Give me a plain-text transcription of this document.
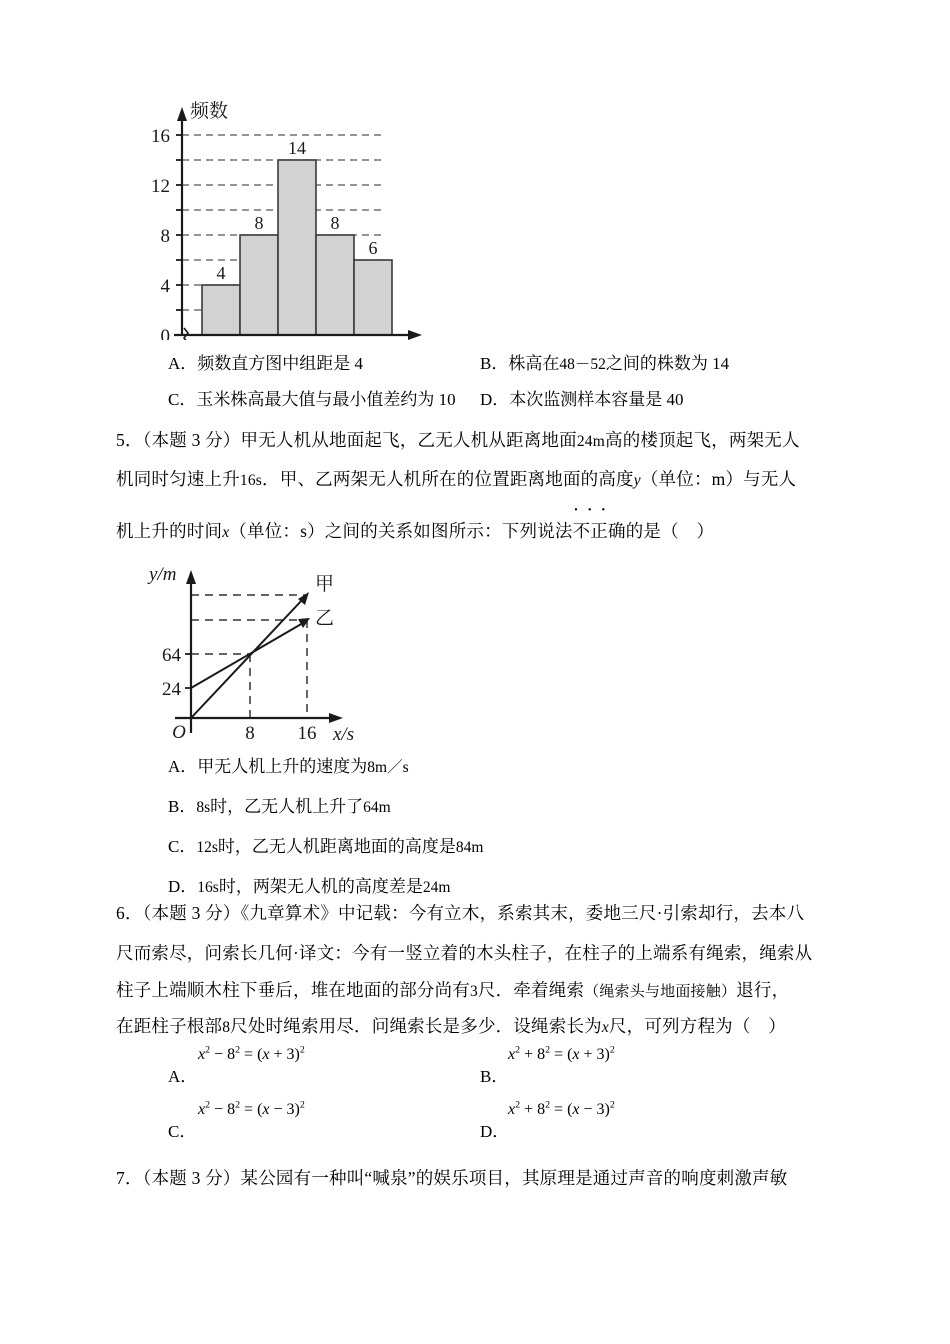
4
8
14
8
6
0
4
8
12
16
频数
A．频数直方图中组距是 4	B．株高在48－52之间的株数为 14
C．玉米株高最大值与最小值差约为 10 D．本次监测样本容量是 40
5．（本题 3 分）甲无人机从地面起飞，乙无人机从距离地面24m高的楼顶起飞，两架无人
机同时匀速上升16s．甲、乙两架无人机所在的位置距离地面的高度y（单位：m）与无人
机上升的时间x（单位：s）之间的关系如图所示：下列说法··· 不正确的是（　）
64
24
O	8 16
y/m
x/s
甲
乙
A．甲无人机上升的速度为8m／s
B．8s时，乙无人机上升了64m
C．12s时，乙无人机距离地面的高度是84m
D．16s时，两架无人机的高度差是24m
6．（本题 3 分）《九章算术》中记载：今有立木，系索其末，委地三尺·引索却行，去本八
尺而索尽，问索长几何·译文：今有一竖立着的木头柱子，在柱子的上端系有绳索，绳索从
柱子上端顺木柱下垂后，堆在地面的部分尚有3尺．牵着绳索（绳索头与地面接触）退行，
在距柱子根部8尺处时绳索用尽．问绳索长是多少．设绳索长为x尺，可列方程为（　）
A．
$x^2 - 8^2 = (x + 3)^2$
B．
$x^2 + 8^2 = (x + 3)^2$
C．
$x^2 - 8^2 = (x - 3)^2$
D．
$x^2 + 8^2 = (x - 3)^2$
7．（本题 3 分）某公园有一种叫“喊泉”的娱乐项目，其原理是通过声音的响度刺激声敏
